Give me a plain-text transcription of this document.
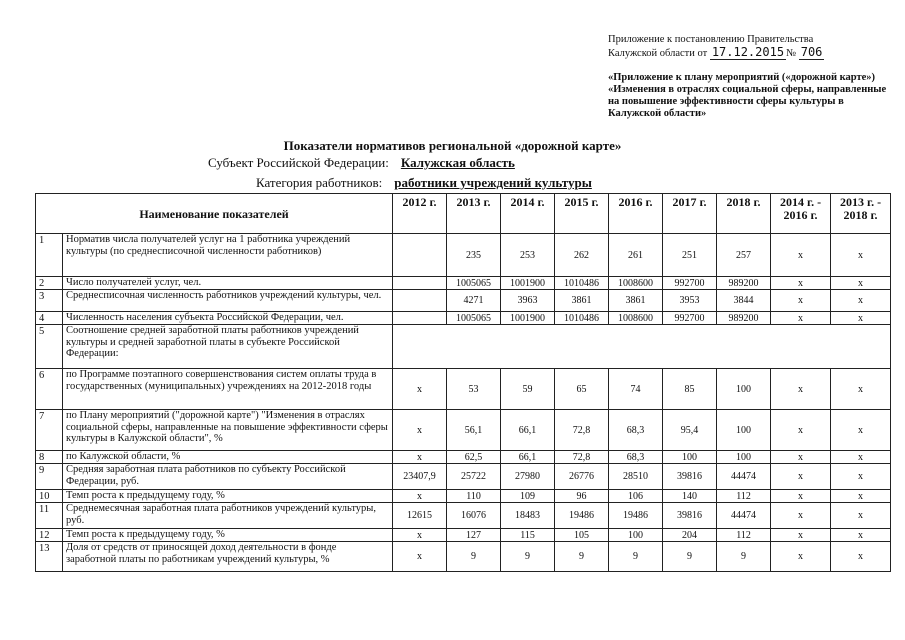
Приложение к постановлению Правительства
Калужской области от 17.12.2015 № 706
«Приложение к плану мероприятий («дорожной карте») «Изменения в отраслях социальной сферы, направленные на повышение эффективности сферы культуры в Калужской области»
Показатели нормативов региональной «дорожной карте»
Субъект Российской Федерации: Калужская область
Категория работников: работники учреждений культуры
Наименование показателей		2012 г.	2013 г.	2014 г.	2015 г.	2016 г.	2017 г.	2018 г.	2014 г. - 2016 г.	2013 г. - 2018 г.
1	Норматив числа получателей услуг на 1 работника учреждений культуры (по среднесписочной численности работников)		235	253	262	261	251	257	x	x
2	Число получателей услуг, чел.		1005065	1001900	1010486	1008600	992700	989200	x	x
3	Среднесписочная численность работников учреждений культуры, чел.		4271	3963	3861	3861	3953	3844	x	x
4	Численность населения субъекта Российской Федерации, чел.		1005065	1001900	1010486	1008600	992700	989200	x	x
5	Соотношение средней заработной платы работников учреждений культуры и средней заработной платы в субъекте Российской Федерации:									
6	по Программе поэтапного совершенствования систем оплаты труда в государственных (муниципальных) учреждениях на 2012-2018 годы	x	53	59	65	74	85	100	x	x
7	по Плану мероприятий ("дорожной карте") "Изменения в отраслях социальной сферы, направленные на повышение эффективности сферы культуры в Калужской области", %	x	56,1	66,1	72,8	68,3	95,4	100	x	x
8	по Калужской области, %	x	62,5	66,1	72,8	68,3	100	100	x	x
9	Средняя заработная плата работников по субъекту Российской Федерации, руб.	23407,9	25722	27980	26776	28510	39816	44474	x	x
10	Темп роста к предыдущему году, %	x	110	109	96	106	140	112	x	x
11	Среднемесячная заработная плата работников учреждений культуры, руб.	12615	16076	18483	19486	19486	39816	44474	x	x
12	Темп роста к предыдущему году, %	x	127	115	105	100	204	112	x	x
13	Доля от средств от приносящей доход деятельности в фонде заработной платы по работникам учреждений культуры, %	x	9	9	9	9	9	9	x	x
